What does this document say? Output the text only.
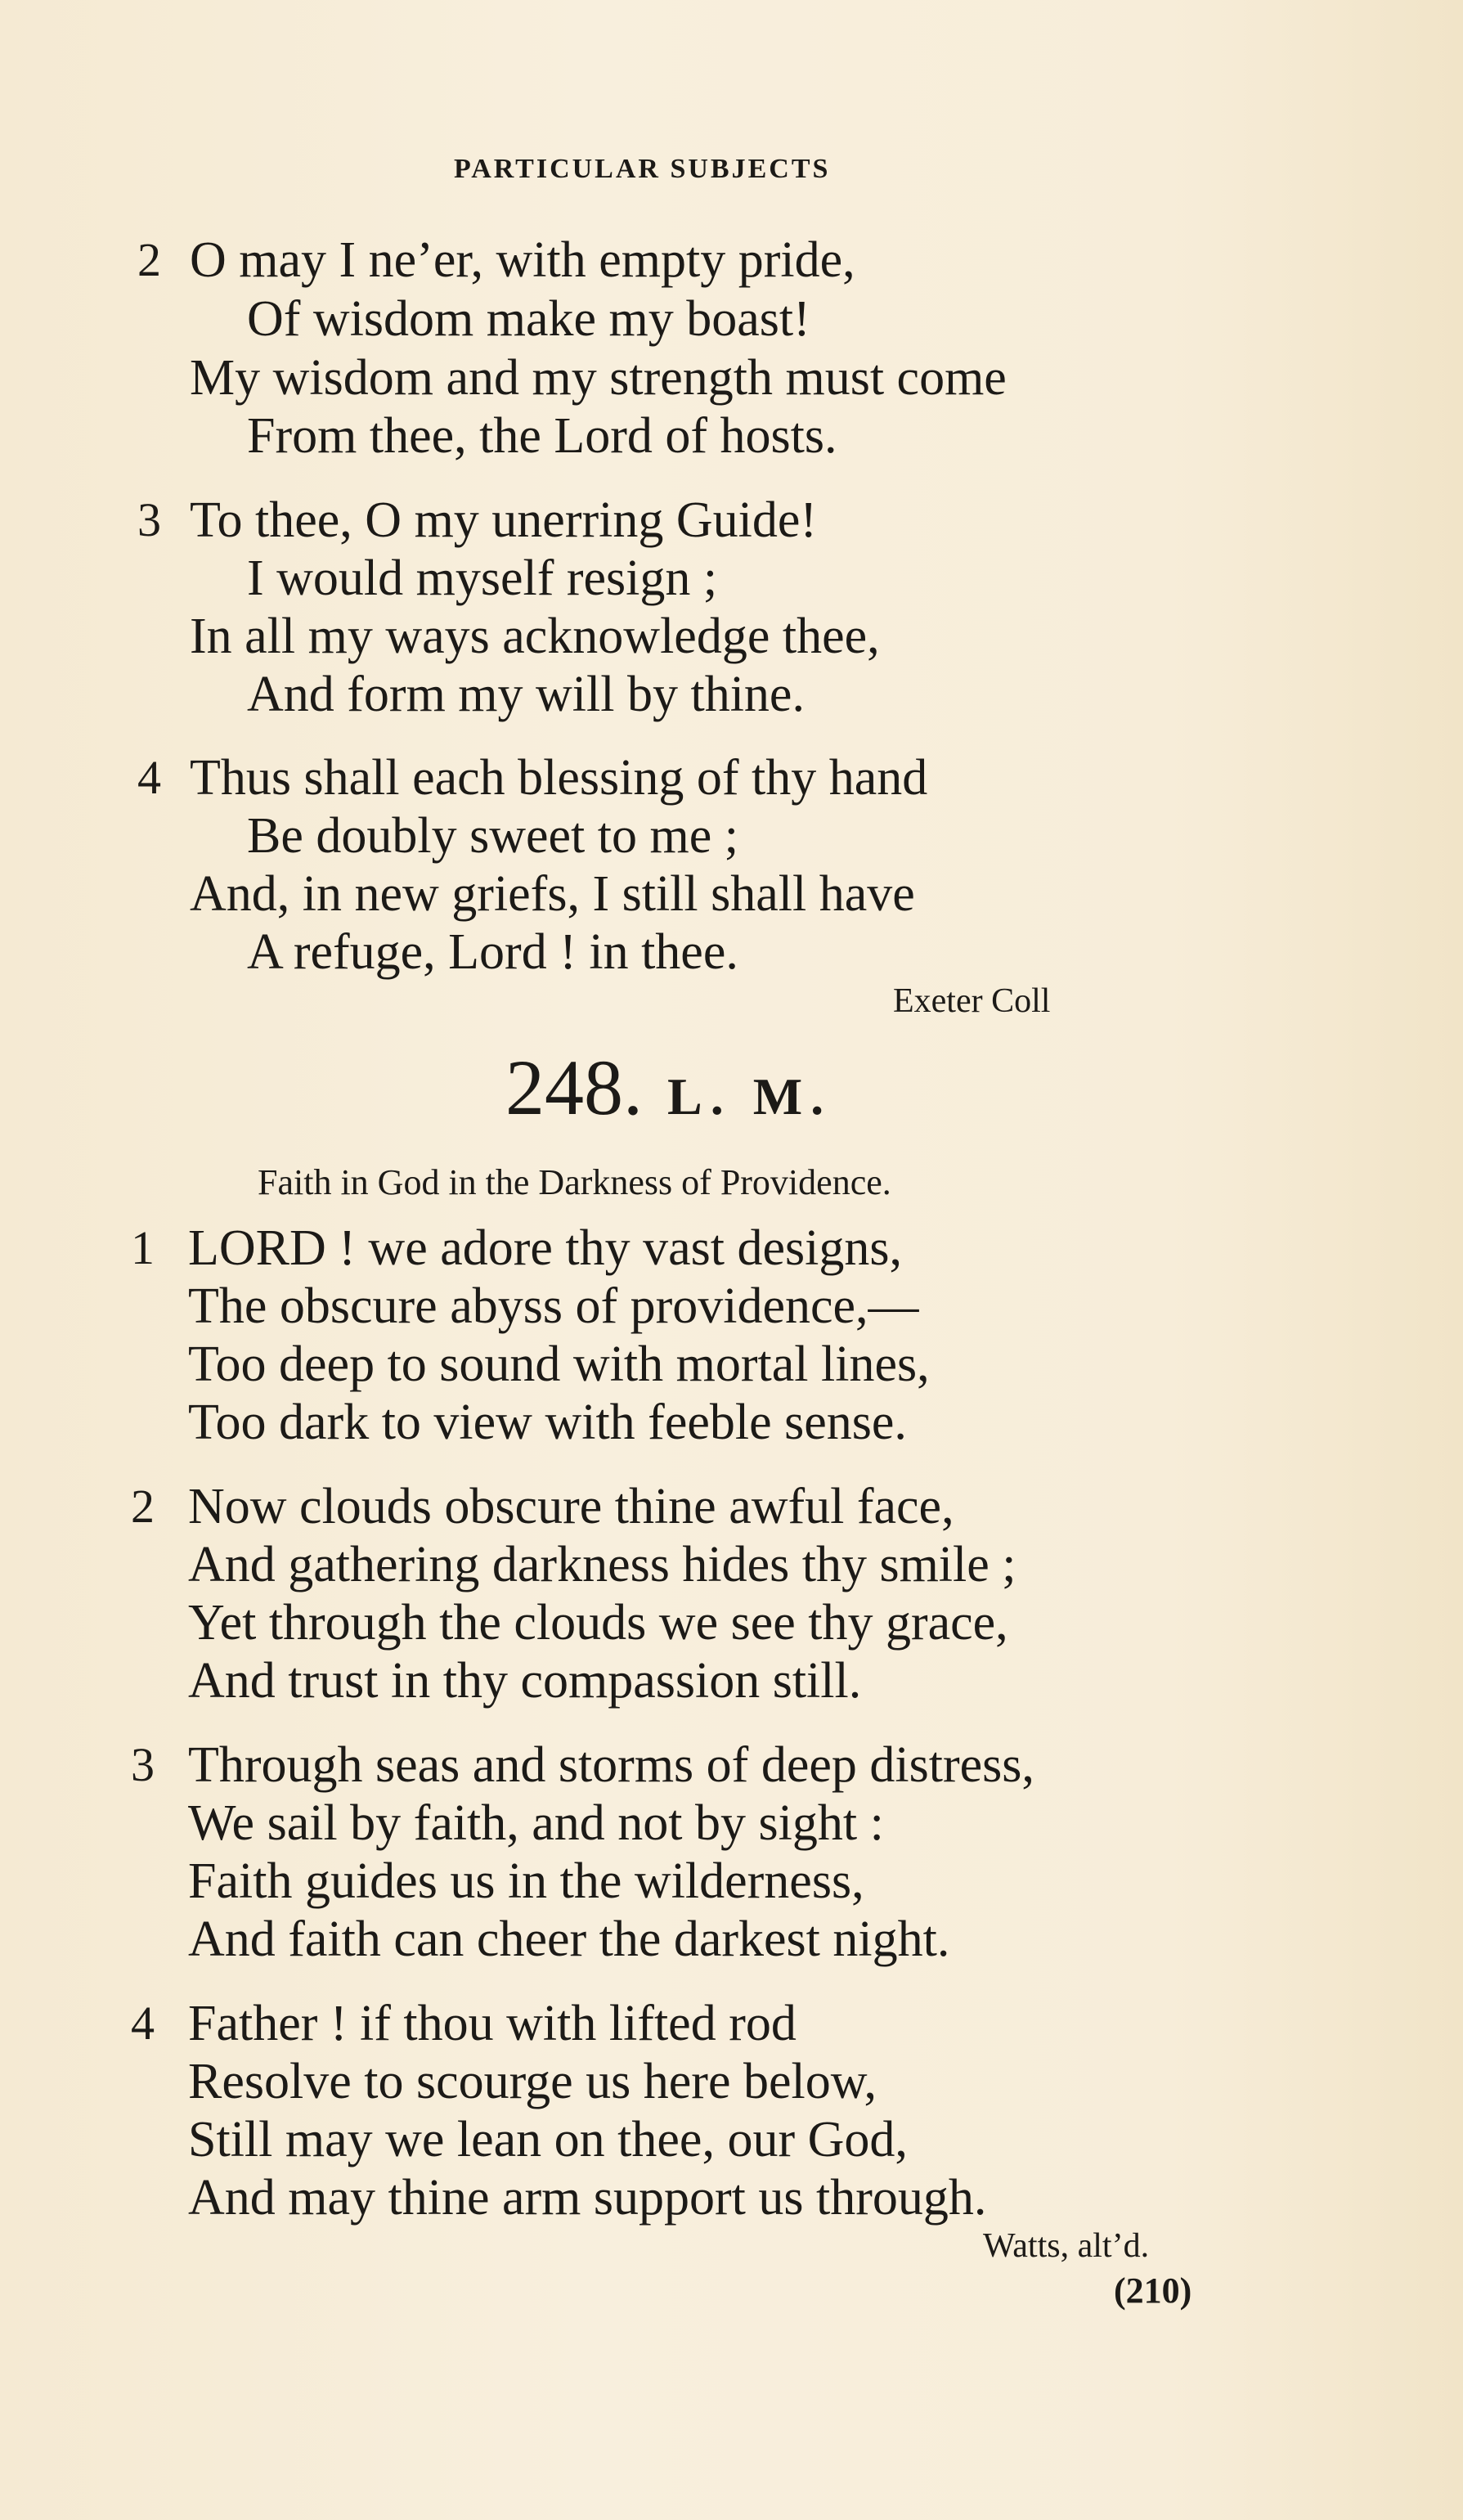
PARTICULAR SUBJECTS
2 O may I ne’er, with empty pride,
Of wisdom make my boast!
My wisdom and my strength must come
From thee, the Lord of hosts.
3 To thee, O my unerring Guide!
I would myself resign ;
In all my ways acknowledge thee,
And form my will by thine.
4 Thus shall each blessing of thy hand
Be doubly sweet to me ;
And, in new griefs, I still shall have
A refuge, Lord ! in thee.
Exeter Coll
248. L. M.
Faith in God in the Darkness of Providence.
1 LORD ! we adore thy vast designs,
The obscure abyss of providence,—
Too deep to sound with mortal lines,
Too dark to view with feeble sense.
2 Now clouds obscure thine awful face,
And gathering darkness hides thy smile ;
Yet through the clouds we see thy grace,
And trust in thy compassion still.
3 Through seas and storms of deep distress,
We sail by faith, and not by sight :
Faith guides us in the wilderness,
And faith can cheer the darkest night.
4 Father ! if thou with lifted rod
Resolve to scourge us here below,
Still may we lean on thee, our God,
And may thine arm support us through.
Watts, alt’d.
(210)
